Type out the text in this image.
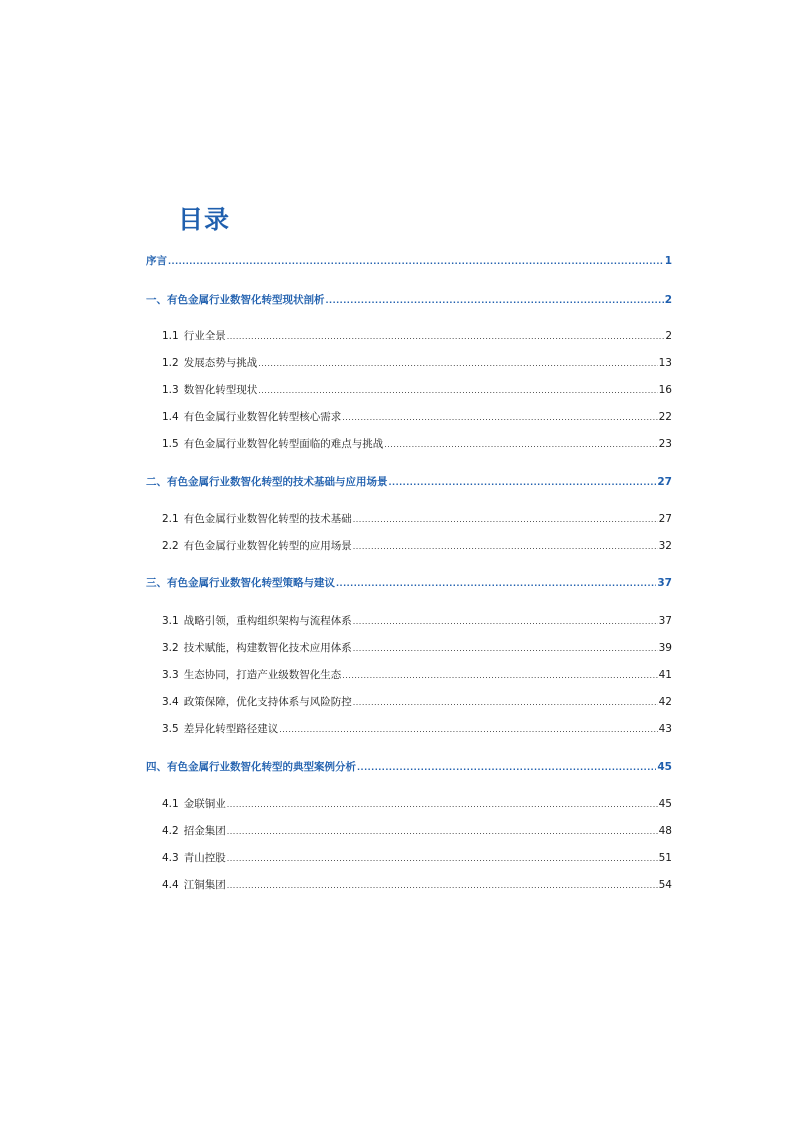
目录
序言 .....	1
一、有色金属行业数智化转型现状剖析 .....	2
1.1 行业全景 .....	2
1.2 发展态势与挑战 .....	13
1.3 数智化转型现状 .....	16
1.4 有色金属行业数智化转型核心需求 .....	22
1.5 有色金属行业数智化转型面临的难点与挑战 .....	23
二、有色金属行业数智化转型的技术基础与应用场景 .....	27
2.1 有色金属行业数智化转型的技术基础 .....	27
2.2 有色金属行业数智化转型的应用场景 .....	32
三、有色金属行业数智化转型策略与建议 .....	37
3.1 战略引领，重构组织架构与流程体系 .....	37
3.2 技术赋能，构建数智化技术应用体系 .....	39
3.3 生态协同，打造产业级数智化生态 .....	41
3.4 政策保障，优化支持体系与风险防控 .....	42
3.5 差异化转型路径建议 .....	43
四、有色金属行业数智化转型的典型案例分析 .....	45
4.1 金联铜业 .....	45
4.2 招金集团 .....	48
4.3 青山控股 .....	51
4.4 江铜集团 .....	54
